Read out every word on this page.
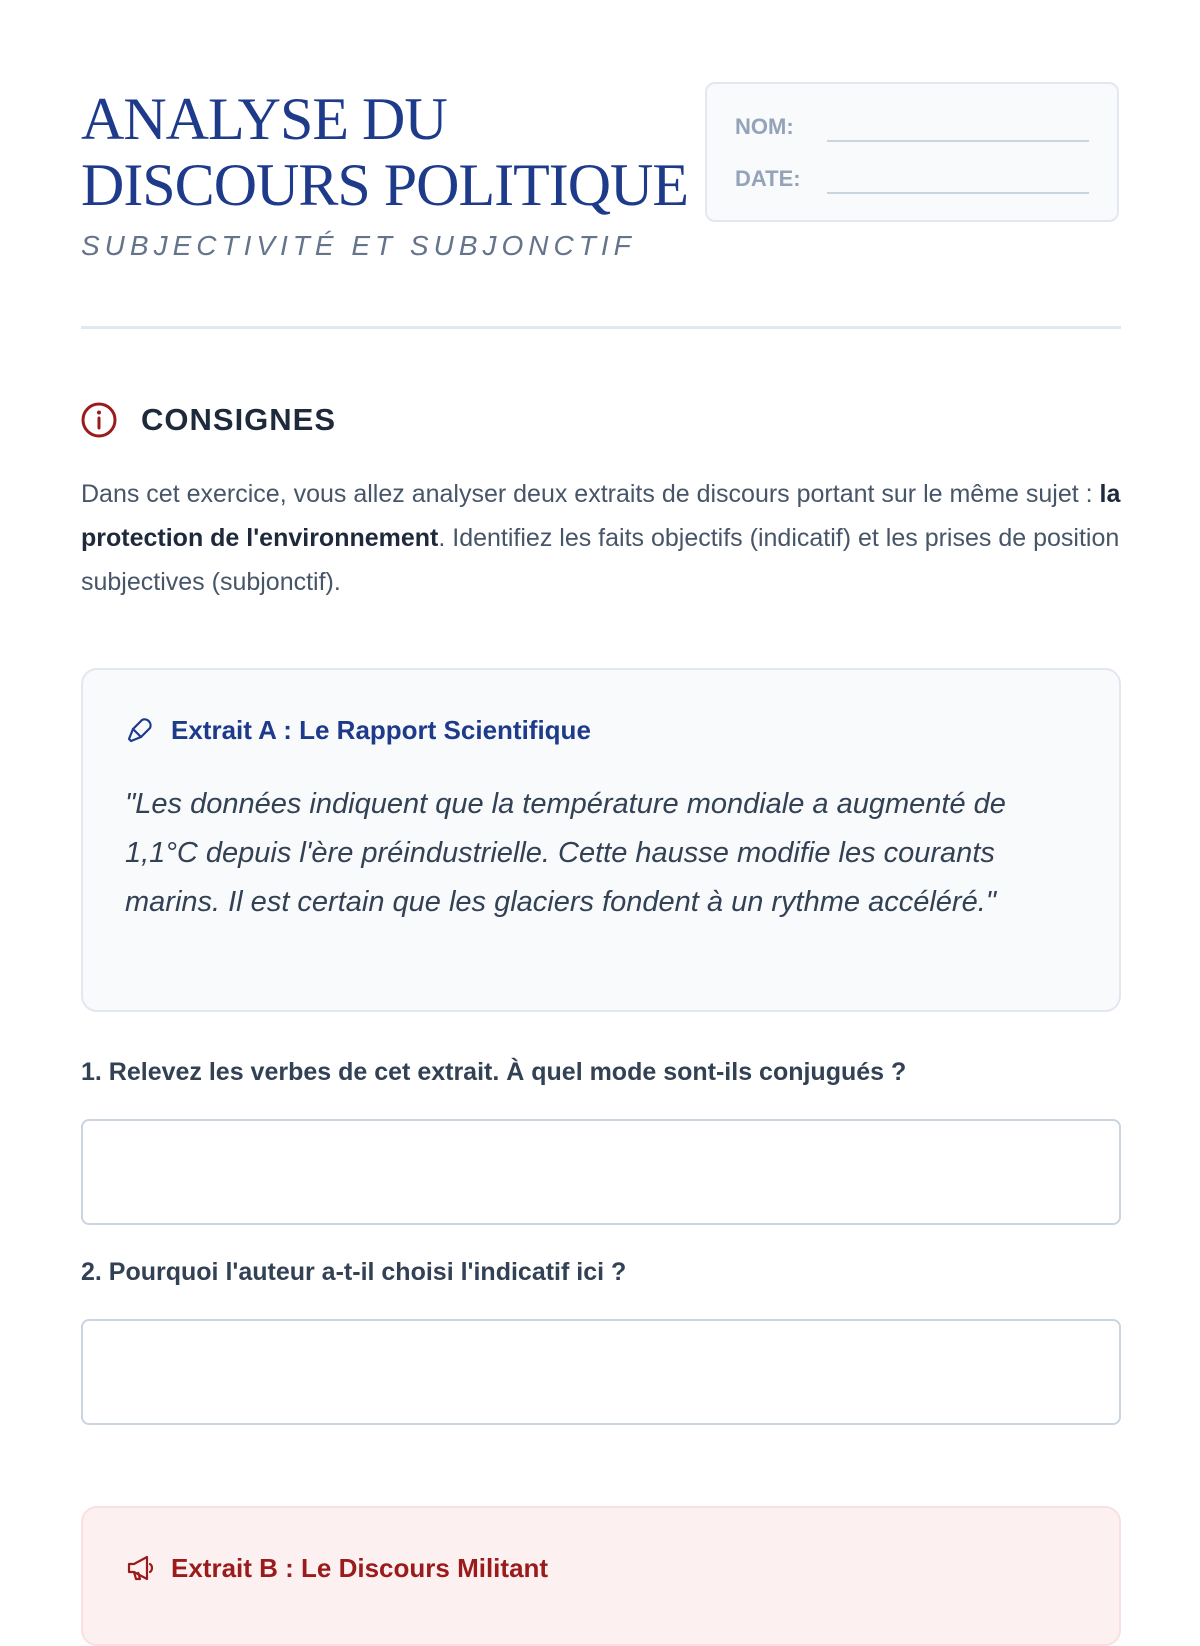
ANALYSE DU
DISCOURS POLITIQUE
SUBJECTIVITÉ ET SUBJONCTIF
NOM:
DATE:
CONSIGNES

Dans cet exercice, vous allez analyser deux extraits de discours portant sur le même sujet : la protection de l'environnement. Identifiez les faits objectifs (indicatif) et les prises de position subjectives (subjonctif).

Extrait A : Le Rapport Scientifique

"Les données indiquent que la température mondiale a augmenté de 1,1°C depuis l'ère préindustrielle. Cette hausse modifie les courants marins. Il est certain que les glaciers fondent à un rythme accéléré."

1. Relevez les verbes de cet extrait. À quel mode sont-ils conjugués ?

2. Pourquoi l'auteur a-t-il choisi l'indicatif ici ?

Extrait B : Le Discours Militant
